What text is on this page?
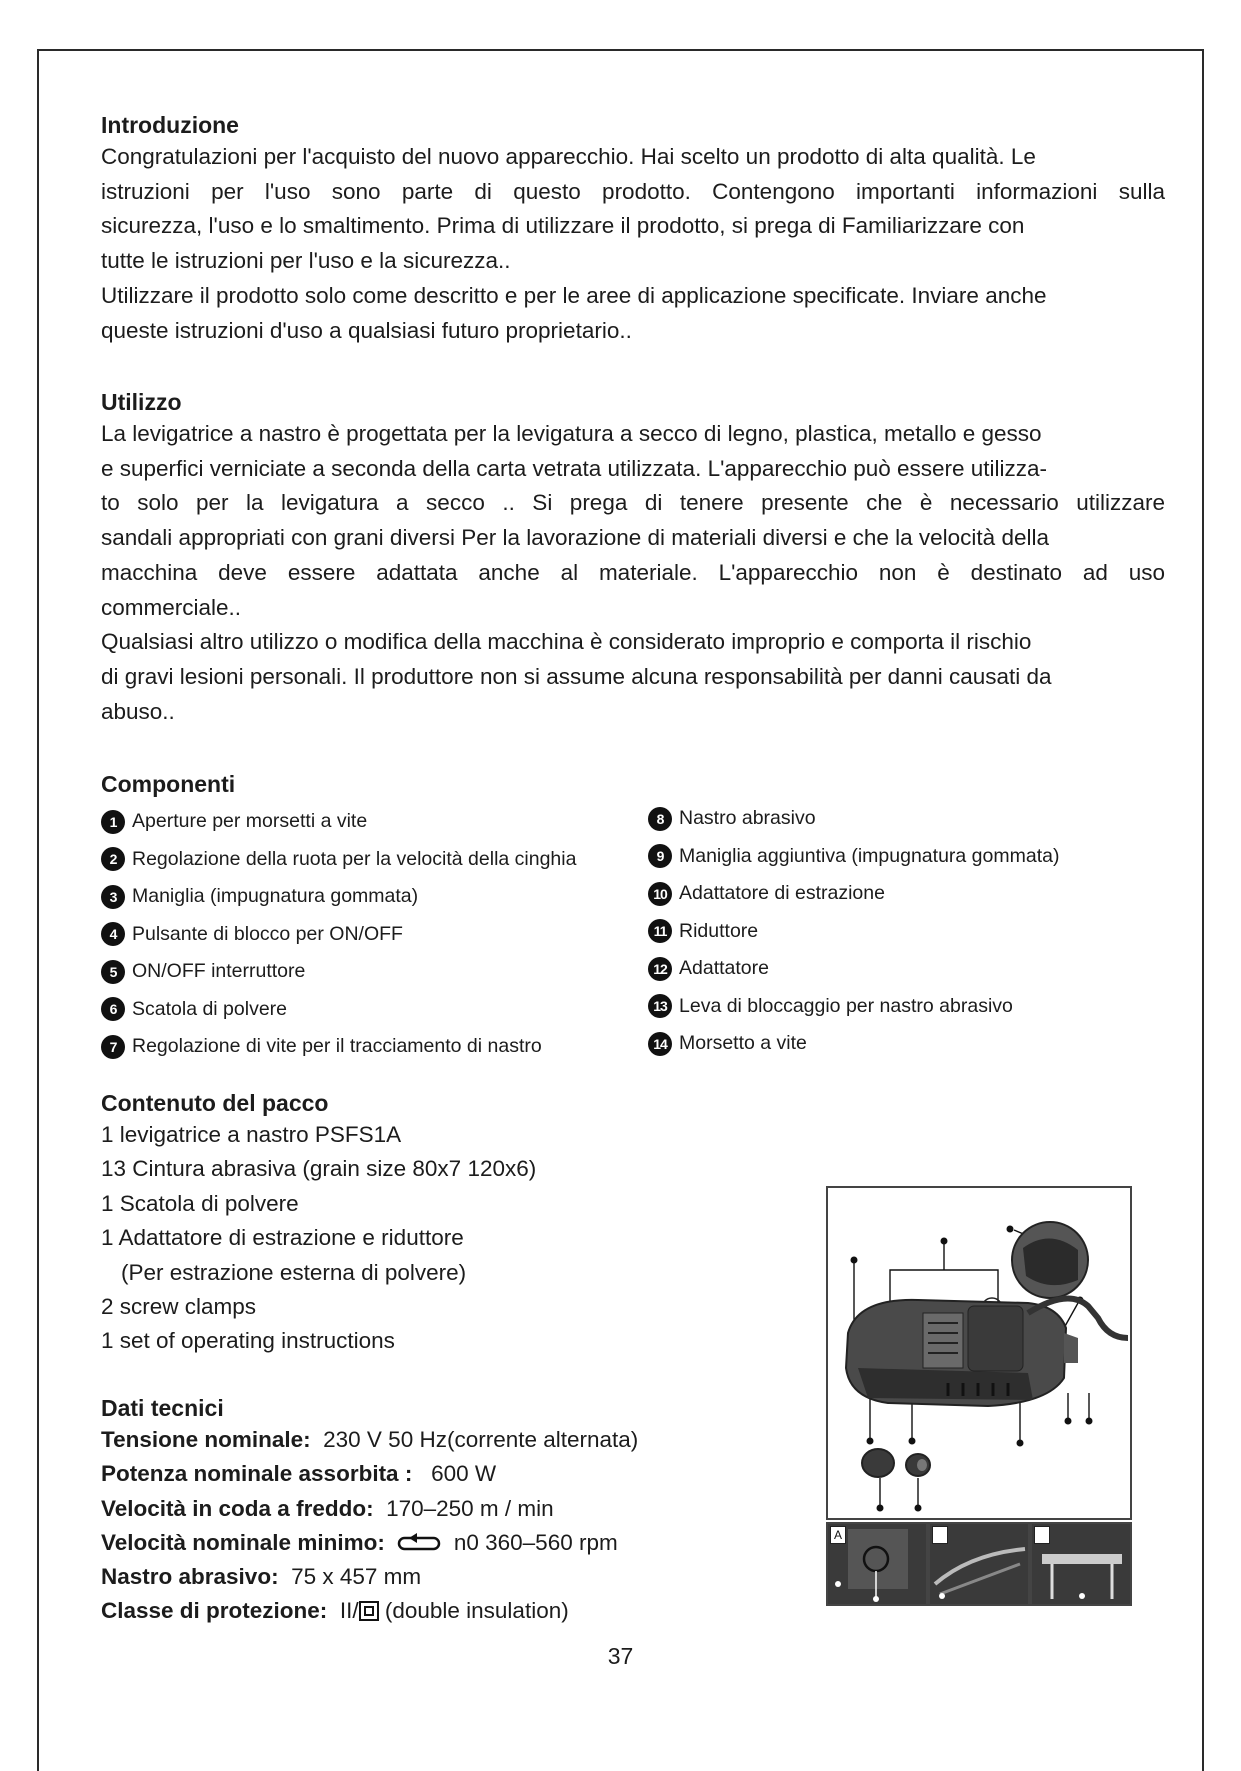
Introduzione

Congratulazioni per l'acquisto del nuovo apparecchio. Hai scelto un prodotto di alta qualità. Le

istruzioni per l'uso sono parte di questo prodotto. Contengono importanti informazioni sulla

sicurezza, l'uso e lo smaltimento. Prima di utilizzare il prodotto, si prega di Familiarizzare con

tutte le istruzioni per l'uso e la sicurezza..

Utilizzare il prodotto solo come descritto e per le aree di applicazione specificate. Inviare anche

queste istruzioni d'uso a qualsiasi futuro proprietario..

Utilizzo

La levigatrice a nastro è progettata per la levigatura a secco di legno, plastica, metallo e gesso

e superfici verniciate a seconda della carta vetrata utilizzata. L'apparecchio può essere utilizza-

to solo per la levigatura a secco .. Si prega di tenere presente che è necessario utilizzare

sandali appropriati con grani diversi Per la lavorazione di materiali diversi e che la velocità della

macchina deve essere adattata anche al materiale. L'apparecchio non è destinato ad uso

commerciale..

Qualsiasi altro utilizzo o modifica della macchina è considerato improprio e comporta il rischio

di gravi lesioni personali. Il produttore non si assume alcuna responsabilità per danni causati da

abuso..

Componenti
1 Aperture per morsetti a vite
2 Regolazione della ruota per la velocità della cinghia
3 Maniglia (impugnatura gommata)
4 Pulsante di blocco per ON/OFF
5 ON/OFF interruttore
6 Scatola di polvere
7 Regolazione di vite per il tracciamento di nastro
8 Nastro abrasivo
9 Maniglia aggiuntiva (impugnatura gommata)
10 Adattatore di estrazione
11 Riduttore
12 Adattatore
13 Leva di bloccaggio per nastro abrasivo
14 Morsetto a vite
Contenuto del pacco

1 levigatrice a nastro PSFS1A

13 Cintura abrasiva (grain size 80x7 120x6)

1 Scatola di polvere

1 Adattatore di estrazione e riduttore

(Per estrazione esterna di polvere)

2 screw clamps

1 set of operating instructions

Dati tecnici

Tensione nominale: 230 V 50 Hz(corrente alternata)

Potenza nominale assorbita : 600 W

Velocità in coda a freddo: 170–250 m / min

Velocità nominale minimo:	n0 360–560 rpm

Nastro abrasivo: 75 x 457 mm

Classe di protezione: II/ (double insulation)

A
37
